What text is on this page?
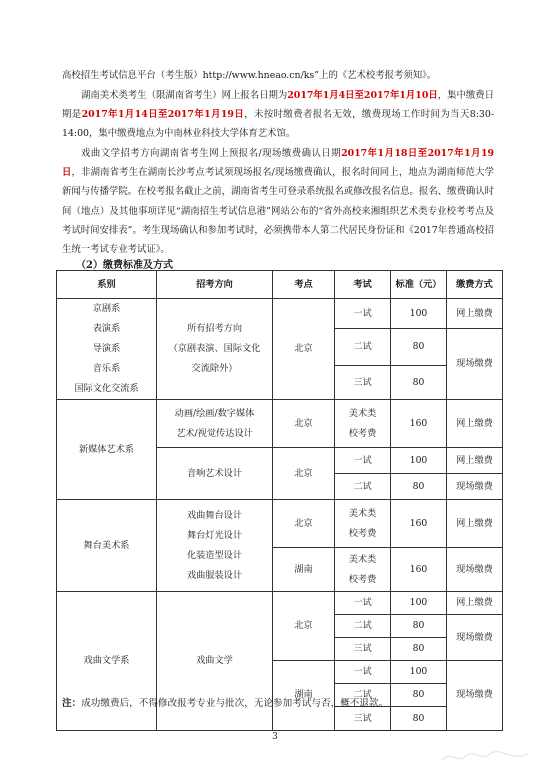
高校招生考试信息平台（考生版）http://www.hneao.cn/ks”上的《艺术校考报考须知》。

湖南美术类考生（限湖南省考生）网上报名日期为2017年1月4日至2017年1月10日，集中缴费日期是2017年1月14日至2017年1月19日，未按时缴费者报名无效，缴费现场工作时间为当天8:30-14:00，集中缴费地点为中南林业科技大学体育艺术馆。

戏曲文学招考方向湖南省考生网上预报名/现场缴费确认日期2017年1月18日至2017年1月19日，非湖南省考生在湖南长沙考点考试须现场报名/现场缴费确认，报名时间同上，地点为湖南师范大学新闻与传播学院。在校考报名截止之前，湖南省考生可登录系统报名或修改报名信息。报名、缴费确认时间（地点）及其他事项详见“湖南招生考试信息港”网站公布的“省外高校来湘组织艺术类专业校考考点及考试时间安排表”。考生现场确认和参加考试时，必须携带本人第二代居民身份证和《2017年普通高校招生统一考试专业考试证》。

（2）缴费标准及方式

系别	招考方向	考点	考试	标准（元）	缴费方式

京剧系
表演系
导演系
音乐系
国际文化交流系	所有招考方向
（京剧表演、国际文化
交流除外）	北京	一试	100	网上缴费
			二试	80	现场缴费
			三试	80	
新媒体艺术系	动画/绘画/数字媒体
艺术/视觉传达设计	北京	美术类
校考费	160	网上缴费
	音响艺术设计	北京	一试	100	网上缴费
			二试	80	现场缴费
舞台美术系	戏曲舞台设计
舞台灯光设计
化装造型设计
戏曲服装设计	北京	美术类
校考费	160	网上缴费
		湖南	美术类
校考费	160	现场缴费
戏曲文学系	戏曲文学	北京	一试	100	网上缴费
			二试	80	现场缴费
			三试	80	
		湖南	一试	100	现场缴费
			二试	80	
			三试	80	

注：成功缴费后，不得修改报考专业与批次，无论参加考试与否，概不退款。

3
